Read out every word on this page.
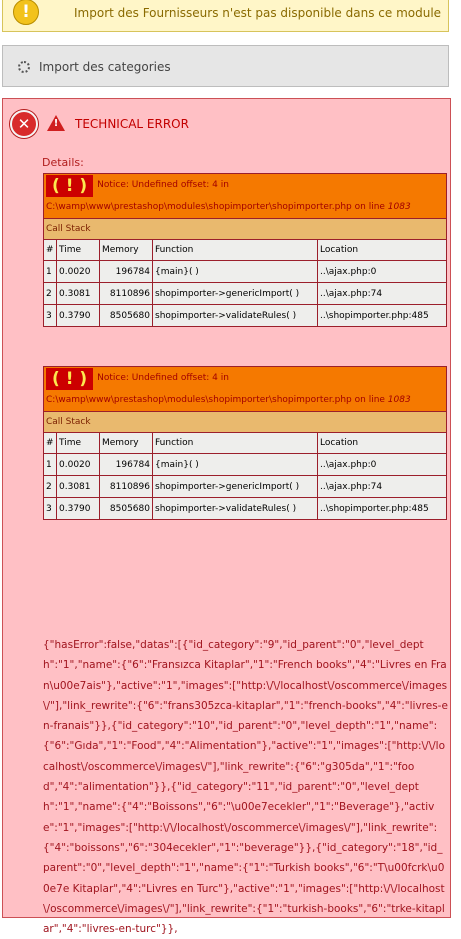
!	Import des Fournisseurs n'est pas disponible dans ce module
Import des categories
✕	! TECHNICAL ERROR
Details:
( ! ) Notice: Undefined offset: 4 in C:\wamp\www\prestashop\modules\shopimporter\shopimporter.php on line 1083				
Call Stack				
#	Time	Memory	Function	Location
1	0.0020	196784	{main}( )	..\ajax.php:0
2	0.3081	8110896	shopimporter->genericImport( )	..\ajax.php:74
3	0.3790	8505680	shopimporter->validateRules( )	..\shopimporter.php:485
( ! ) Notice: Undefined offset: 4 in C:\wamp\www\prestashop\modules\shopimporter\shopimporter.php on line 1083				
Call Stack				
#	Time	Memory	Function	Location
1	0.0020	196784	{main}( )	..\ajax.php:0
2	0.3081	8110896	shopimporter->genericImport( )	..\ajax.php:74
3	0.3790	8505680	shopimporter->validateRules( )	..\shopimporter.php:485
{"hasError":false,"datas":[{"id_category":"9","id_parent":"0","level_depth":"1","name":{"6":"Fransızca Kitaplar","1":"French books","4":"Livres en Fran\u00e7ais"},"active":"1","images":["http:\/\/localhost\/oscommerce\/images\/"],"link_rewrite":{"6":"frans305zca-kitaplar","1":"french-books","4":"livres-en-franais"}},{"id_category":"10","id_parent":"0","level_depth":"1","name":{"6":"Gıda","1":"Food","4":"Alimentation"},"active":"1","images":["http:\/\/localhost\/oscommerce\/images\/"],"link_rewrite":{"6":"g305da","1":"food","4":"alimentation"}},{"id_category":"11","id_parent":"0","level_depth":"1","name":{"4":"Boissons","6":"\u00e7ecekler","1":"Beverage"},"active":"1","images":["http:\/\/localhost\/oscommerce\/images\/"],"link_rewrite":{"4":"boissons","6":"304ecekler","1":"beverage"}},{"id_category":"18","id_parent":"0","level_depth":"1","name":{"1":"Turkish books","6":"T\u00fcrk\u00e7e Kitaplar","4":"Livres en Turc"},"active":"1","images":["http:\/\/localhost\/oscommerce\/images\/"],"link_rewrite":{"1":"turkish-books","6":"trke-kitaplar","4":"livres-en-turc"}},
